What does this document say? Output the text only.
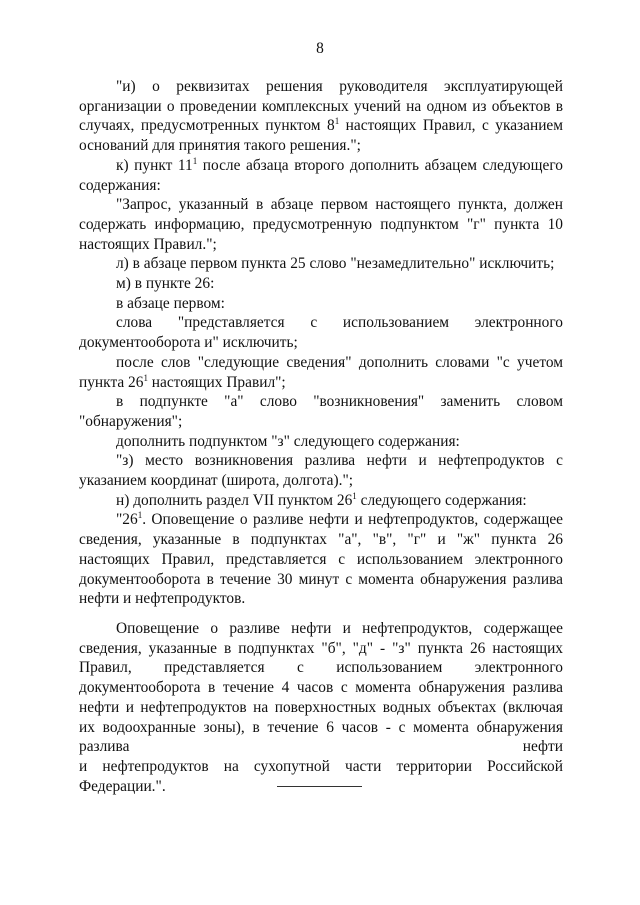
8

"и) о реквизитах решения руководителя эксплуатирующей организации о проведении комплексных учений на одном из объектов в случаях, предусмотренных пунктом $8^1$ настоящих Правил, с указанием оснований для принятия такого решения.";

к) пункт $11^1$ после абзаца второго дополнить абзацем следующего содержания:

"Запрос, указанный в абзаце первом настоящего пункта, должен содержать информацию, предусмотренную подпунктом "г" пункта 10 настоящих Правил.";

л) в абзаце первом пункта 25 слово "незамедлительно" исключить;

м) в пункте 26:

в абзаце первом:

слова "представляется с использованием электронного документооборота и" исключить;

после слов "следующие сведения" дополнить словами "с учетом пункта $26^1$ настоящих Правил";

в подпункте "а" слово "возникновения" заменить словом "обнаружения";

дополнить подпунктом "з" следующего содержания:

"з) место возникновения разлива нефти и нефтепродуктов с указанием координат (широта, долгота).";

н) дополнить раздел VII пунктом $26^1$ следующего содержания:

"$26^1$. Оповещение о разливе нефти и нефтепродуктов, содержащее сведения, указанные в подпунктах "а", "в", "г" и "ж" пункта 26 настоящих Правил, представляется с использованием электронного документооборота в течение 30 минут с момента обнаружения разлива нефти и нефтепродуктов.

Оповещение о разливе нефти и нефтепродуктов, содержащее сведения, указанные в подпунктах "б", "д" - "з" пункта 26 настоящих Правил, представляется с использованием электронного документооборота в течение 4 часов с момента обнаружения разлива нефти и нефтепродуктов на поверхностных водных объектах (включая их водоохранные зоны), в течение 6 часов - с момента обнаружения разлива нефти

и нефтепродуктов на сухопутной части территории Российской Федерации.".
